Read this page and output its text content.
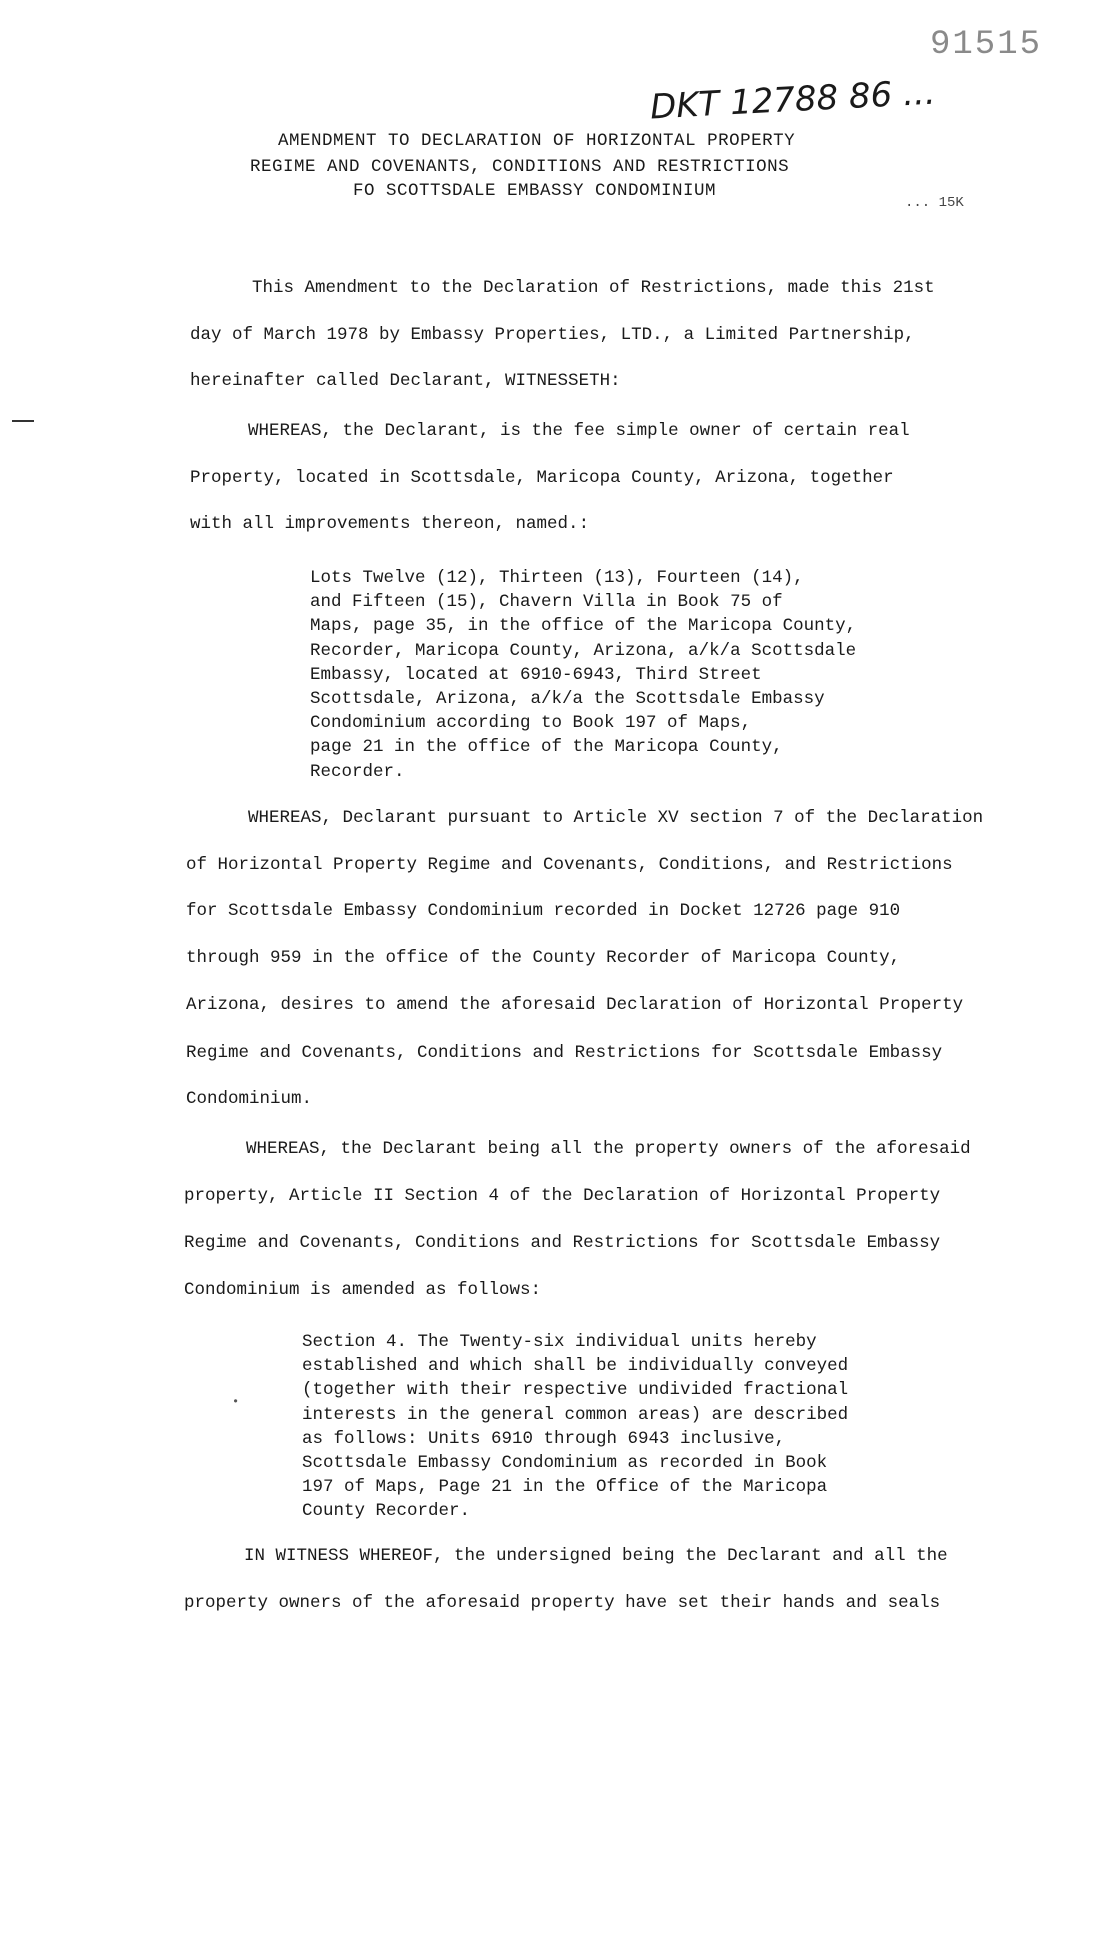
91515
DKT 12788 86 ...
AMENDMENT TO DECLARATION OF HORIZONTAL PROPERTY
REGIME AND COVENANTS, CONDITIONS AND RESTRICTIONS
FO SCOTTSDALE EMBASSY CONDOMINIUM
... 15K
This Amendment to the Declaration of Restrictions, made this 21st
day of March 1978 by Embassy Properties, LTD., a Limited Partnership,
hereinafter called Declarant, WITNESSETH:
WHEREAS, the Declarant, is the fee simple owner of certain real
Property, located in Scottsdale, Maricopa County, Arizona, together
with all improvements thereon, named.:
Lots Twelve (12), Thirteen (13), Fourteen (14),
and Fifteen (15), Chavern Villa in Book 75 of
Maps, page 35, in the office of the Maricopa County,
Recorder, Maricopa County, Arizona, a/k/a Scottsdale
Embassy, located at 6910-6943, Third Street
Scottsdale, Arizona, a/k/a the Scottsdale Embassy
Condominium according to Book 197 of Maps,
page 21 in the office of the Maricopa County,
Recorder.
WHEREAS, Declarant pursuant to Article XV section 7 of the Declaration
of Horizontal Property Regime and Covenants, Conditions, and Restrictions
for Scottsdale Embassy Condominium recorded in Docket 12726 page 910
through 959 in the office of the County Recorder of Maricopa County,
Arizona, desires to amend the aforesaid Declaration of Horizontal Property
Regime and Covenants, Conditions and Restrictions for Scottsdale Embassy
Condominium.
WHEREAS, the Declarant being all the property owners of the aforesaid
property, Article II Section 4 of the Declaration of Horizontal Property
Regime and Covenants, Conditions and Restrictions for Scottsdale Embassy
Condominium is amended as follows:
•
Section 4. The Twenty-six individual units hereby
established and which shall be individually conveyed
(together with their respective undivided fractional
interests in the general common areas) are described
as follows: Units 6910 through 6943 inclusive,
Scottsdale Embassy Condominium as recorded in Book
197 of Maps, Page 21 in the Office of the Maricopa
County Recorder.
IN WITNESS WHEREOF, the undersigned being the Declarant and all the
property owners of the aforesaid property have set their hands and seals
